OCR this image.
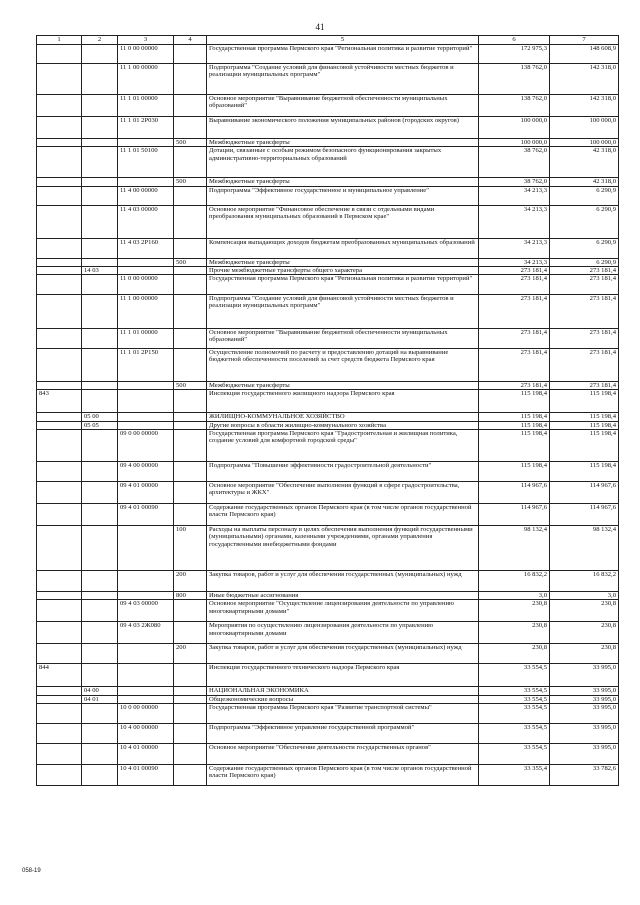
41
1	2	3	4	5	6	7
		11 0 00 00000		Государственная программа Пермского края "Региональная политика и развитие территорий"	172 975,3	148 608,9
		11 1 00 00000		Подпрограмма "Создание условий для финансовой устойчивости местных бюджетов и реализации муниципальных программ"	138 762,0	142 318,0
		11 1 01 00000		Основное мероприятие "Выравнивание бюджетной обеспеченности муниципальных образований"	138 762,0	142 318,0
		11 1 01 2P030		Выравнивание экономического положения муниципальных районов (городских округов)	100 000,0	100 000,0
			500	Межбюджетные трансферты	100 000,0	100 000,0
		11 1 01 50100		Дотации, связанные с особым режимом безопасного функционирования закрытых административно-территориальных образований	38 762,0	42 318,0
			500	Межбюджетные трансферты	38 762,0	42 318,0
		11 4 00 00000		Подпрограмма "Эффективное государственное и муниципальное управление"	34 213,3	6 290,9
		11 4 03 00000		Основное мероприятие "Финансовое обеспечение в связи с отдельными видами преобразования муниципальных образований в Пермском крае"	34 213,3	6 290,9
		11 4 03 2P160		Компенсация выпадающих доходов бюджетам преобразованных муниципальных образований	34 213,3	6 290,9
			500	Межбюджетные трансферты	34 213,3	6 290,9
	14 03			Прочие межбюджетные трансферты общего характера	273 181,4	273 181,4
		11 0 00 00000		Государственная программа Пермского края "Региональная политика и развитие территорий"	273 181,4	273 181,4
		11 1 00 00000		Подпрограмма "Создание условий для финансовой устойчивости местных бюджетов и реализации муниципальных программ"	273 181,4	273 181,4
		11 1 01 00000		Основное мероприятие "Выравнивание бюджетной обеспеченности муниципальных образований"	273 181,4	273 181,4
		11 1 01 2P150		Осуществление полномочий по расчету и предоставлению дотаций на выравнивание бюджетной обеспеченности поселений за счет средств бюджета Пермского края	273 181,4	273 181,4
			500	Межбюджетные трансферты	273 181,4	273 181,4
843				Инспекция государственного жилищного надзора Пермского края	115 198,4	115 198,4
	05 00			ЖИЛИЩНО-КОММУНАЛЬНОЕ ХОЗЯЙСТВО	115 198,4	115 198,4
	05 05			Другие вопросы в области жилищно-коммунального хозяйства	115 198,4	115 198,4
		09 0 00 00000		Государственная программа Пермского края "Градостроительная и жилищная политика, создание условий для комфортной городской среды"	115 198,4	115 198,4
		09 4 00 00000		Подпрограмма "Повышение эффективности градостроительной деятельности"	115 198,4	115 198,4
		09 4 01 00000		Основное мероприятие "Обеспечение выполнения функций в сфере градостроительства, архитектуры и ЖКХ"	114 967,6	114 967,6
		09 4 01 00090		Содержание государственных органов Пермского края (в том числе органов государственной власти Пермского края)	114 967,6	114 967,6
			100	Расходы на выплаты персоналу в целях обеспечения выполнения функций государственными (муниципальными) органами, казенными учреждениями, органами управления государственными внебюджетными фондами	98 132,4	98 132,4
			200	Закупка товаров, работ и услуг для обеспечения государственных (муниципальных) нужд	16 832,2	16 832,2
			800	Иные бюджетные ассигнования	3,0	3,0
		09 4 03 00000		Основное мероприятие "Осуществление лицензирования деятельности по управлению многоквартирными домами"	230,8	230,8
		09 4 03 2Ж080		Мероприятия по осуществлению лицензирования деятельности по управлению многоквартирными домами	230,8	230,8
			200	Закупка товаров, работ и услуг для обеспечения государственных (муниципальных) нужд	230,8	230,8
844				Инспекция государственного технического надзора Пермского края	33 554,5	33 995,0
	04 00			НАЦИОНАЛЬНАЯ ЭКОНОМИКА	33 554,5	33 995,0
	04 01			Общеэкономические вопросы	33 554,5	33 995,0
		10 0 00 00000		Государственная программа Пермского края "Развитие транспортной системы"	33 554,5	33 995,0
		10 4 00 00000		Подпрограмма "Эффективное управление государственной программой"	33 554,5	33 995,0
		10 4 01 00000		Основное мероприятие "Обеспечение деятельности государственных органов"	33 554,5	33 995,0
		10 4 01 00090		Содержание государственных органов Пермского края (в том числе органов государственной власти Пермского края)	33 355,4	33 782,6
058-19
